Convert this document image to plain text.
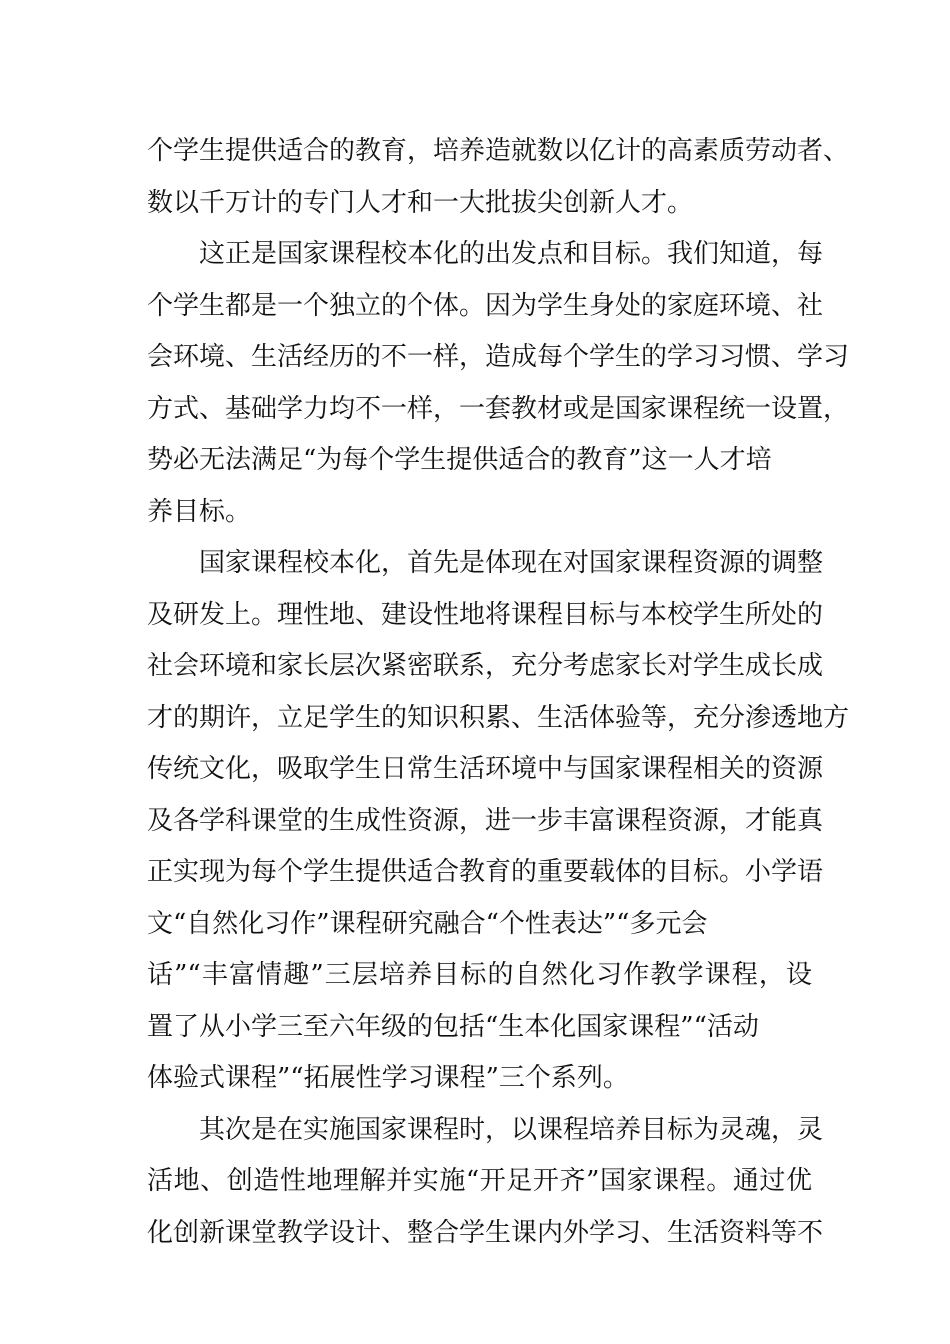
个学生提供适合的教育，培养造就数以亿计的高素质劳动者、
数以千万计的专门人才和一大批拔尖创新人才。
这正是国家课程校本化的出发点和目标。我们知道，每
个学生都是一个独立的个体。因为学生身处的家庭环境、社
会环境、生活经历的不一样，造成每个学生的学习习惯、学习
方式、基础学力均不一样，一套教材或是国家课程统一设置，
势必无法满足“为每个学生提供适合的教育”这一人才培
养目标。
国家课程校本化，首先是体现在对国家课程资源的调整
及研发上。理性地、建设性地将课程目标与本校学生所处的
社会环境和家长层次紧密联系，充分考虑家长对学生成长成
才的期许，立足学生的知识积累、生活体验等，充分渗透地方
传统文化，吸取学生日常生活环境中与国家课程相关的资源
及各学科课堂的生成性资源，进一步丰富课程资源，才能真
正实现为每个学生提供适合教育的重要载体的目标。小学语
文“自然化习作”课程研究融合“个性表达”“多元会
话”“丰富情趣”三层培养目标的自然化习作教学课程，设
置了从小学三至六年级的包括“生本化国家课程”“活动
体验式课程”“拓展性学习课程”三个系列。
其次是在实施国家课程时，以课程培养目标为灵魂，灵
活地、创造性地理解并实施“开足开齐”国家课程。通过优
化创新课堂教学设计、整合学生课内外学习、生活资料等不
